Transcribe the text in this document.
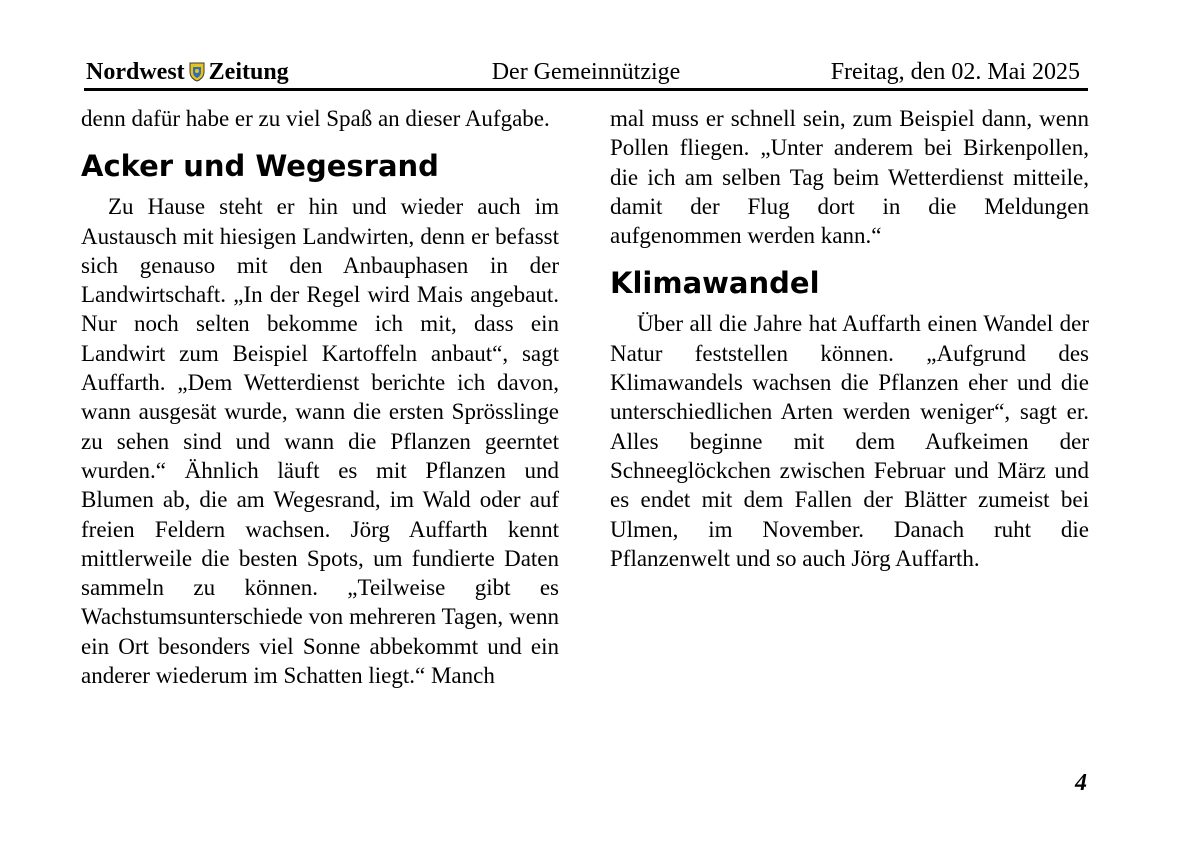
Nordwest Zeitung	Der Gemeinnützige	Freitag, den 02. Mai 2025

denn dafür habe er zu viel Spaß an dieser Aufgabe.

Acker und Wegesrand

Zu Hause steht er hin und wieder auch im Austausch mit hiesigen Landwirten, denn er befasst sich genauso mit den Anbauphasen in der Landwirtschaft. „In der Regel wird Mais angebaut. Nur noch selten bekomme ich mit, dass ein Landwirt zum Beispiel Kartoffeln anbaut“, sagt Auffarth. „Dem Wetterdienst berichte ich davon, wann ausgesät wurde, wann die ersten Sprösslinge zu sehen sind und wann die Pflanzen geerntet wurden.“ Ähnlich läuft es mit Pflanzen und Blumen ab, die am Wegesrand, im Wald oder auf freien Feldern wachsen. Jörg Auffarth kennt mittlerweile die besten Spots, um fundierte Daten sammeln zu können. „Teilweise gibt es Wachstumsunterschiede von mehreren Tagen, wenn ein Ort besonders viel Sonne abbekommt und ein anderer wiederum im Schatten liegt.“ Manch

mal muss er schnell sein, zum Beispiel dann, wenn Pollen fliegen. „Unter anderem bei Birkenpollen, die ich am selben Tag beim Wetterdienst mitteile, damit der Flug dort in die Meldungen aufgenommen werden kann.“

Klimawandel

Über all die Jahre hat Auffarth einen Wandel der Natur feststellen können. „Aufgrund des Klimawandels wachsen die Pflanzen eher und die unterschiedlichen Arten werden weniger“, sagt er. Alles beginne mit dem Aufkeimen der Schneeglöckchen zwischen Februar und März und es endet mit dem Fallen der Blätter zumeist bei Ulmen, im November. Danach ruht die Pflanzenwelt und so auch Jörg Auffarth.

4
